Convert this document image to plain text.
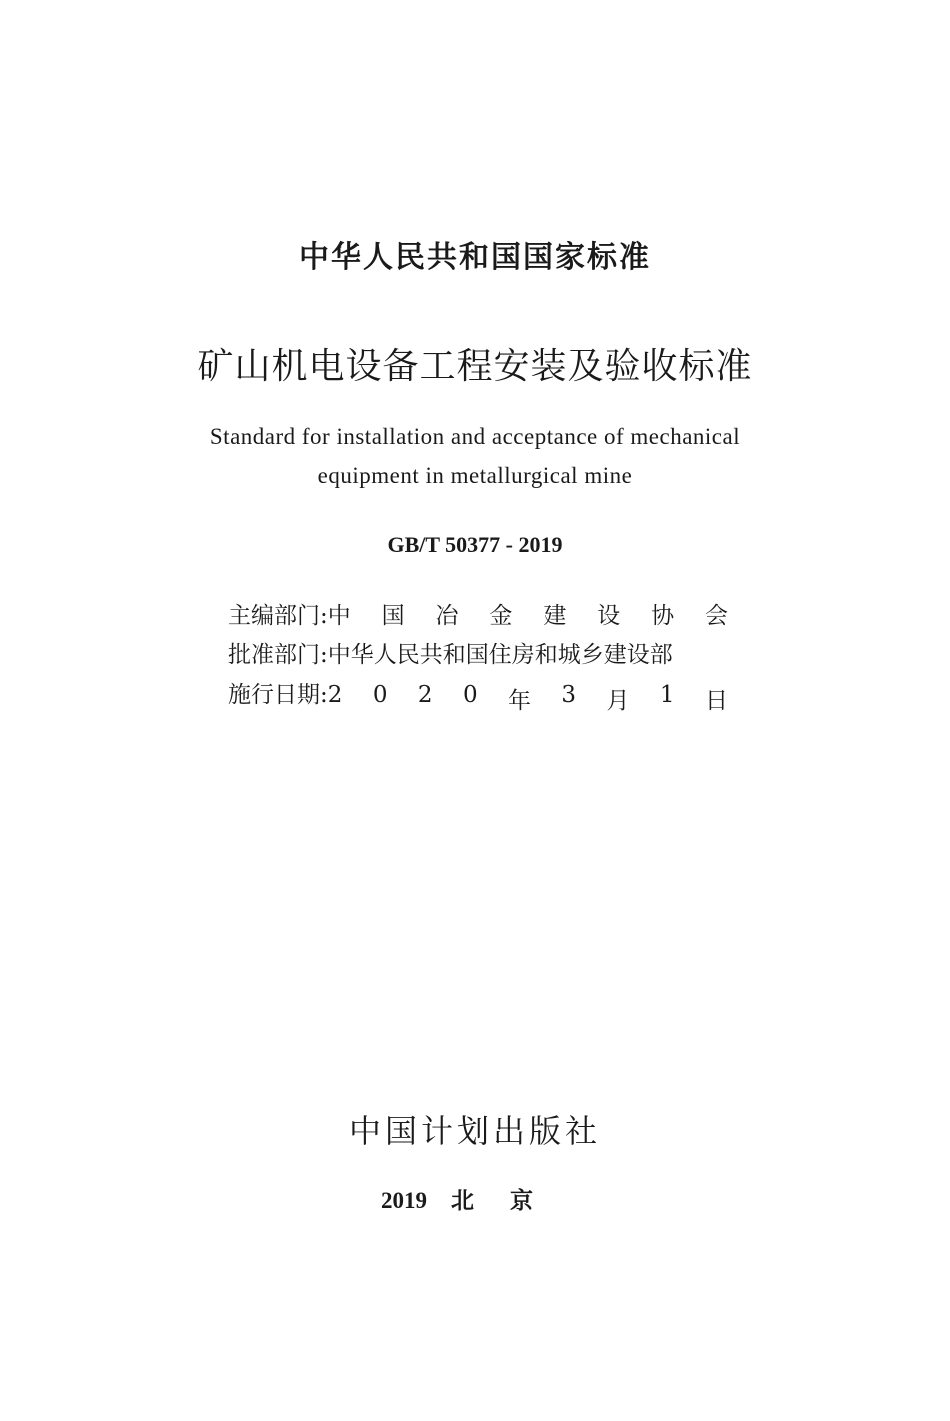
中华人民共和国国家标准
矿山机电设备工程安装及验收标准
Standard for installation and acceptance of mechanical
equipment in metallurgical mine
GB/T 50377 - 2019
主编部门: 中 国 冶 金 建 设 协 会
批准部门: 中华人民共和国住房和城乡建设部
施行日期: 2 0 2 0 年 3 月 1 日
中国计划出版社
2019 北京
